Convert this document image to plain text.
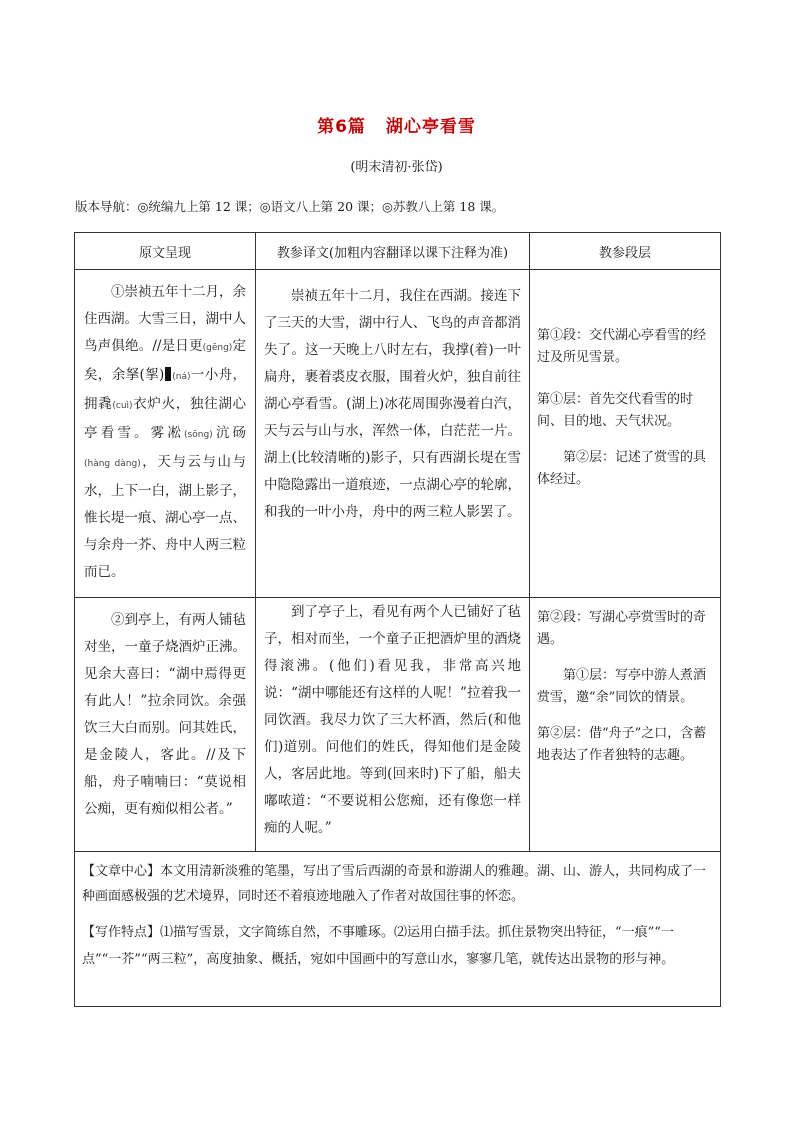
第6篇 湖心亭看雪
(明末清初·张岱)
版本导航：◎统编九上第 12 课；◎语文八上第 20 课；◎苏教八上第 18 课。
原文呈现	教参译文(加粗内容翻译以课下注释为准)	教参段层

①崇祯五年十二月，余住西湖。大雪三日，湖中人鸟声俱绝。//是日更(gēng)定矣，余拏(挐) (ná)一小舟，拥毳(cuì)衣炉火，独往湖心亭看雪。雾凇(sōng)沆砀(hàng dàng)，天与云与山与水，上下一白，湖上影子，惟长堤一痕、湖心亭一点、与余舟一芥、舟中人两三粒而已。	崇祯五年十二月，我住在西湖。接连下了三天的大雪，湖中行人、飞鸟的声音都消失了。这一天晚上八时左右，我撑(着)一叶扁舟，裹着裘皮衣服，围着火炉，独自前往湖心亭看雪。(湖上)冰花周围弥漫着白汽，天与云与山与水，浑然一体，白茫茫一片。湖上(比较清晰的)影子，只有西湖长堤在雪中隐隐露出一道痕迹，一点湖心亭的轮廓，和我的一叶小舟，舟中的两三粒人影罢了。	第①段：交代湖心亭看雪的经过及所见雪景。

第①层：首先交代看雪的时间、目的地、天气状况。

第②层：记述了赏雪的具体经过。

②到亭上，有两人铺毡对坐，一童子烧酒炉正沸。见余大喜曰：“湖中焉得更有此人！”拉余同饮。余强饮三大白而别。问其姓氏，是金陵人，客此。//及下船，舟子喃喃曰：“莫说相公痴，更有痴似相公者。”	到了亭子上，看见有两个人已铺好了毡子，相对而坐，一个童子正把酒炉里的酒烧得滚沸。(他们)看见我，非常高兴地说：“湖中哪能还有这样的人呢！”拉着我一同饮酒。我尽力饮了三大杯酒，然后(和他们)道别。问他们的姓氏，得知他们是金陵人，客居此地。等到(回来时)下了船，船夫嘟哝道：“不要说相公您痴，还有像您一样痴的人呢。”	第②段：写湖心亭赏雪时的奇遇。

第①层：写亭中游人煮酒赏雪，邀“余”同饮的情景。

第②层：借“舟子”之口，含蓄地表达了作者独特的志趣。

【文章中心】本文用清新淡雅的笔墨，写出了雪后西湖的奇景和游湖人的雅趣。湖、山、游人，共同构成了一种画面感极强的艺术境界，同时还不着痕迹地融入了作者对故国往事的怀恋。

【写作特点】⑴描写雪景，文字简练自然，不事雕琢。⑵运用白描手法。抓住景物突出特征，“一痕”“一点”“一芥”“两三粒”，高度抽象、概括，宛如中国画中的写意山水，寥寥几笔，就传达出景物的形与神。		
